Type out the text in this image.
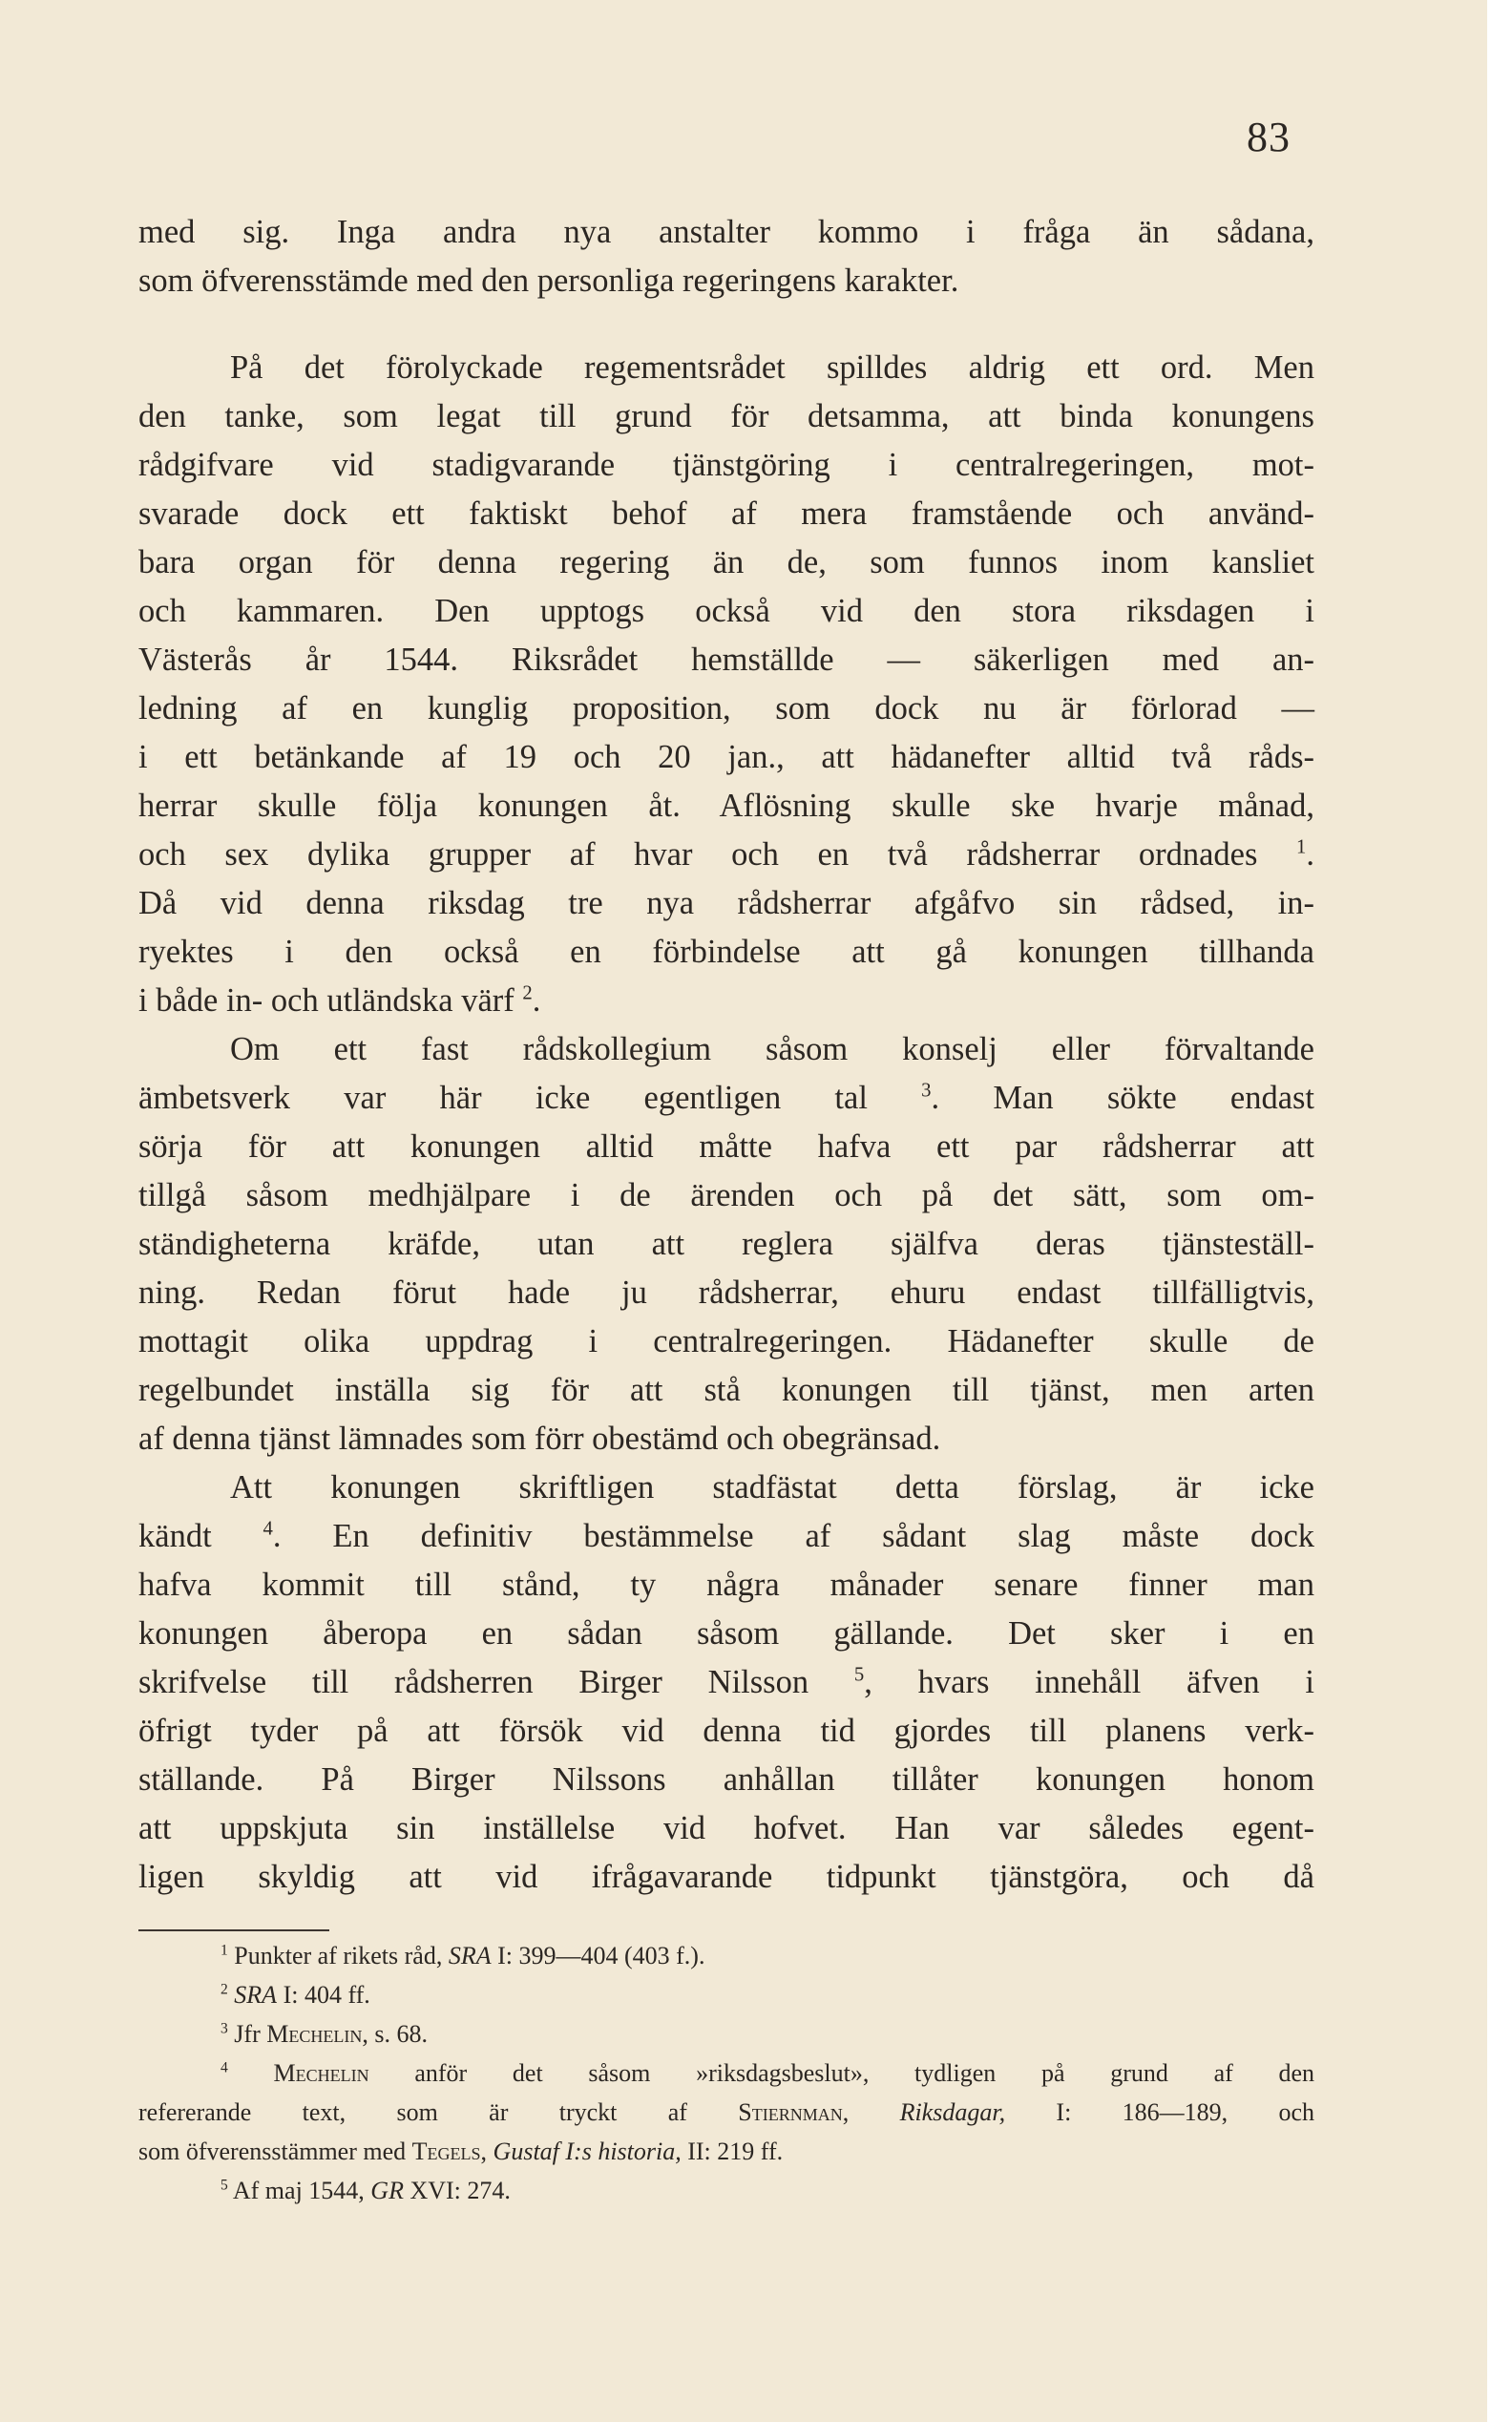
83
med sig. Inga andra nya anstalter kommo i fråga än sådana,
som öfverensstämde med den personliga regeringens karakter.
På det förolyckade regementsrådet spilldes aldrig ett ord. Men
den tanke, som legat till grund för detsamma, att binda konungens
rådgifvare vid stadigvarande tjänstgöring i centralregeringen, mot-
svarade dock ett faktiskt behof af mera framstående och använd-
bara organ för denna regering än de, som funnos inom kansliet
och kammaren. Den upptogs också vid den stora riksdagen i
Västerås år 1544. Riksrådet hemställde — säkerligen med an-
ledning af en kunglig proposition, som dock nu är förlorad —
i ett betänkande af 19 och 20 jan., att hädanefter alltid två råds-
herrar skulle följa konungen åt. Aflösning skulle ske hvarje månad,
och sex dylika grupper af hvar och en två rådsherrar ordnades $^1$.
Då vid denna riksdag tre nya rådsherrar afgåfvo sin rådsed, in-
ryektes i den också en förbindelse att gå konungen tillhanda
i både in- och utländska värf $^2$.
Om ett fast rådskollegium såsom konselj eller förvaltande
ämbetsverk var här icke egentligen tal	$^3$. Man sökte endast
sörja för att konungen alltid måtte hafva ett par rådsherrar att
tillgå såsom medhjälpare i de ärenden och på det sätt, som om-
ständigheterna kräfde, utan att reglera själfva deras tjänsteställ-
ning. Redan förut hade ju rådsherrar, ehuru endast tillfälligtvis,
mottagit olika uppdrag i centralregeringen. Hädanefter skulle de
regelbundet inställa sig för att stå konungen till tjänst, men arten
af denna tjänst lämnades som förr obestämd och obegränsad.
Att konungen skriftligen stadfästat detta förslag, är icke
kändt	$^4$. En definitiv bestämmelse af sådant slag måste dock
hafva kommit till stånd, ty några månader senare finner man
konungen åberopa en sådan såsom gällande. Det sker i en
skrifvelse till rådsherren Birger Nilsson $^5$, hvars innehåll äfven i
öfrigt tyder på att försök vid denna tid gjordes till planens verk-
ställande. På Birger Nilssons anhållan tillåter konungen honom
att uppskjuta sin inställelse vid hofvet. Han var således egent-
ligen skyldig att vid ifrågavarande tidpunkt tjänstgöra, och då
$^1$ Punkter af rikets råd, SRA I: 399—404 (403 f.).
$^2$ SRA I: 404 ff.
$^3$ Jfr Mechelin, s. 68.
$^4$ Mechelin anför det såsom »riksdagsbeslut», tydligen på grund af den
refererande text, som är tryckt af Stiernman, Riksdagar, I: 186—189, och
som öfverensstämmer med Tegels, Gustaf I:s historia, II: 219 ff.
$^5$ Af maj 1544, GR XVI: 274.
